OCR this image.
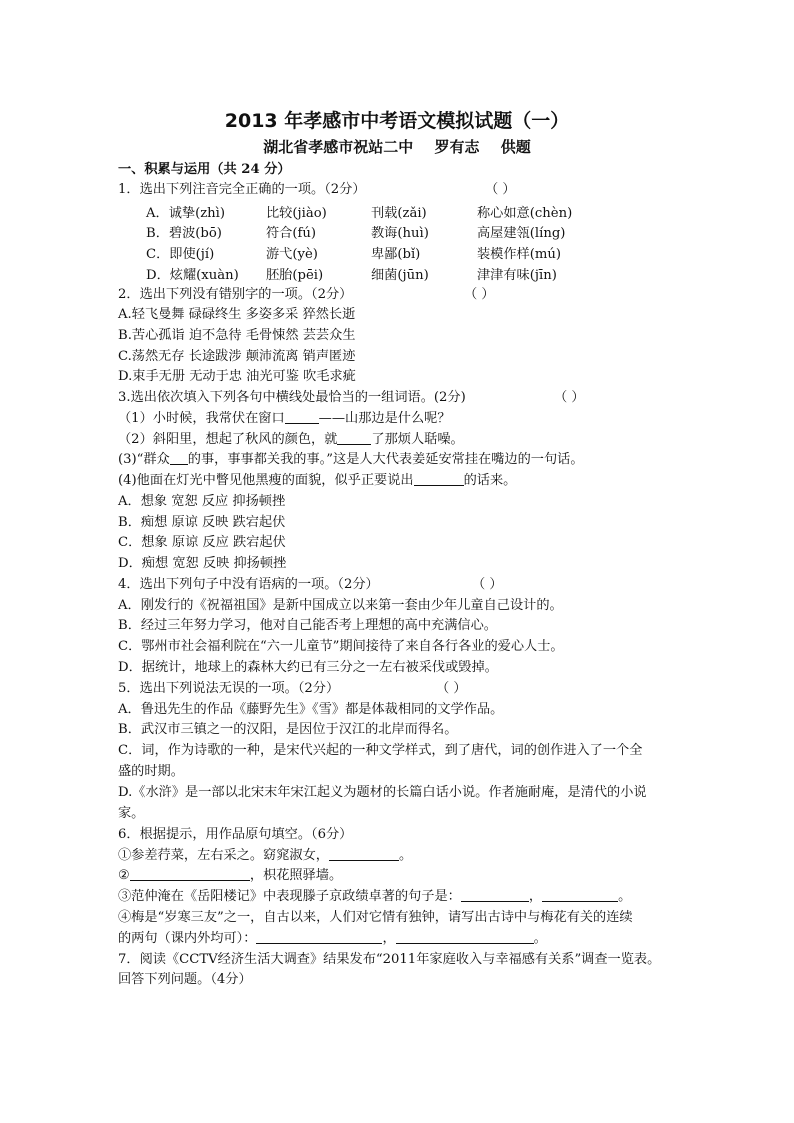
2013 年孝感市中考语文模拟试题（一）
湖北省孝感市祝站二中 罗有志 供题
一、积累与运用（共 24 分）
1．选出下列注音完全正确的一项。（2分）	（ ）
A．诚挚(zhì)	比较(jiào)	刊载(zǎi)	称心如意(chèn)
B．碧波(bō)	符合(fú)	教诲(huì)	高屋建瓴(líng)
C．即使(jí)	游弋(yè)	卑鄙(bǐ)	装模作样(mú)
D．炫耀(xuàn) 胚胎(pēi)	细菌(jūn)	津津有味(jīn)
2．选出下列没有错别字的一项。（2分）	（ ）
A.轻飞曼舞 碌碌终生 多姿多采 猝然长逝
B.苦心孤诣 迫不急待 毛骨悚然 芸芸众生
C.荡然无存 长途跋涉 颠沛流离 销声匿迹
D.束手无册 无动于忠 油光可鉴 吹毛求疵
3.选出依次填入下列各句中横线处最恰当的一组词语。(2分)	（ ）
（1）小时候，我常伏在窗口	——山那边是什么呢？
（2）斜阳里，想起了秋风的颜色，就	了那烦人聒噪。
(3)“群众 的事，事事都关我的事。”这是人大代表姜延安常挂在嘴边的一句话。
(4)他面在灯光中瞥见他黑瘦的面貌，似乎正要说出	的话来。
A．想象 宽恕 反应 抑扬顿挫
B．痴想 原谅 反映 跌宕起伏
C．想象 原谅 反应 跌宕起伏
D．痴想 宽恕 反映 抑扬顿挫
4．选出下列句子中没有语病的一项。（2分）	（ ）
A．刚发行的《祝福祖国》是新中国成立以来第一套由少年儿童自己设计的。
B．经过三年努力学习，他对自己能否考上理想的高中充满信心。
C．鄂州市社会福利院在“六一儿童节”期间接待了来自各行各业的爱心人士。
D．据统计，地球上的森林大约已有三分之一左右被采伐或毁掉。
5．选出下列说法无误的一项。（2分）	（ ）
A．鲁迅先生的作品《藤野先生》《雪》都是体裁相同的文学作品。
B．武汉市三镇之一的汉阳，是因位于汉江的北岸而得名。
C．词，作为诗歌的一种，是宋代兴起的一种文学样式，到了唐代，词的创作进入了一个全
盛的时期。
D.《水浒》是一部以北宋末年宋江起义为题材的长篇白话小说。作者施耐庵，是清代的小说
家。
6．根据提示，用作品原句填空。（6分）
①参差荇菜，左右采之。窈窕淑女，	。
②	，枳花照驿墙。
③范仲淹在《岳阳楼记》中表现滕子京政绩卓著的句子是：	，	。
④梅是“岁寒三友”之一，自古以来，人们对它情有独钟，请写出古诗中与梅花有关的连续
的两句（课内外均可）：	，	。
7．阅读《CCTV经济生活大调查》结果发布“2011年家庭收入与幸福感有关系”调查一览表。
回答下列问题。（4分）
